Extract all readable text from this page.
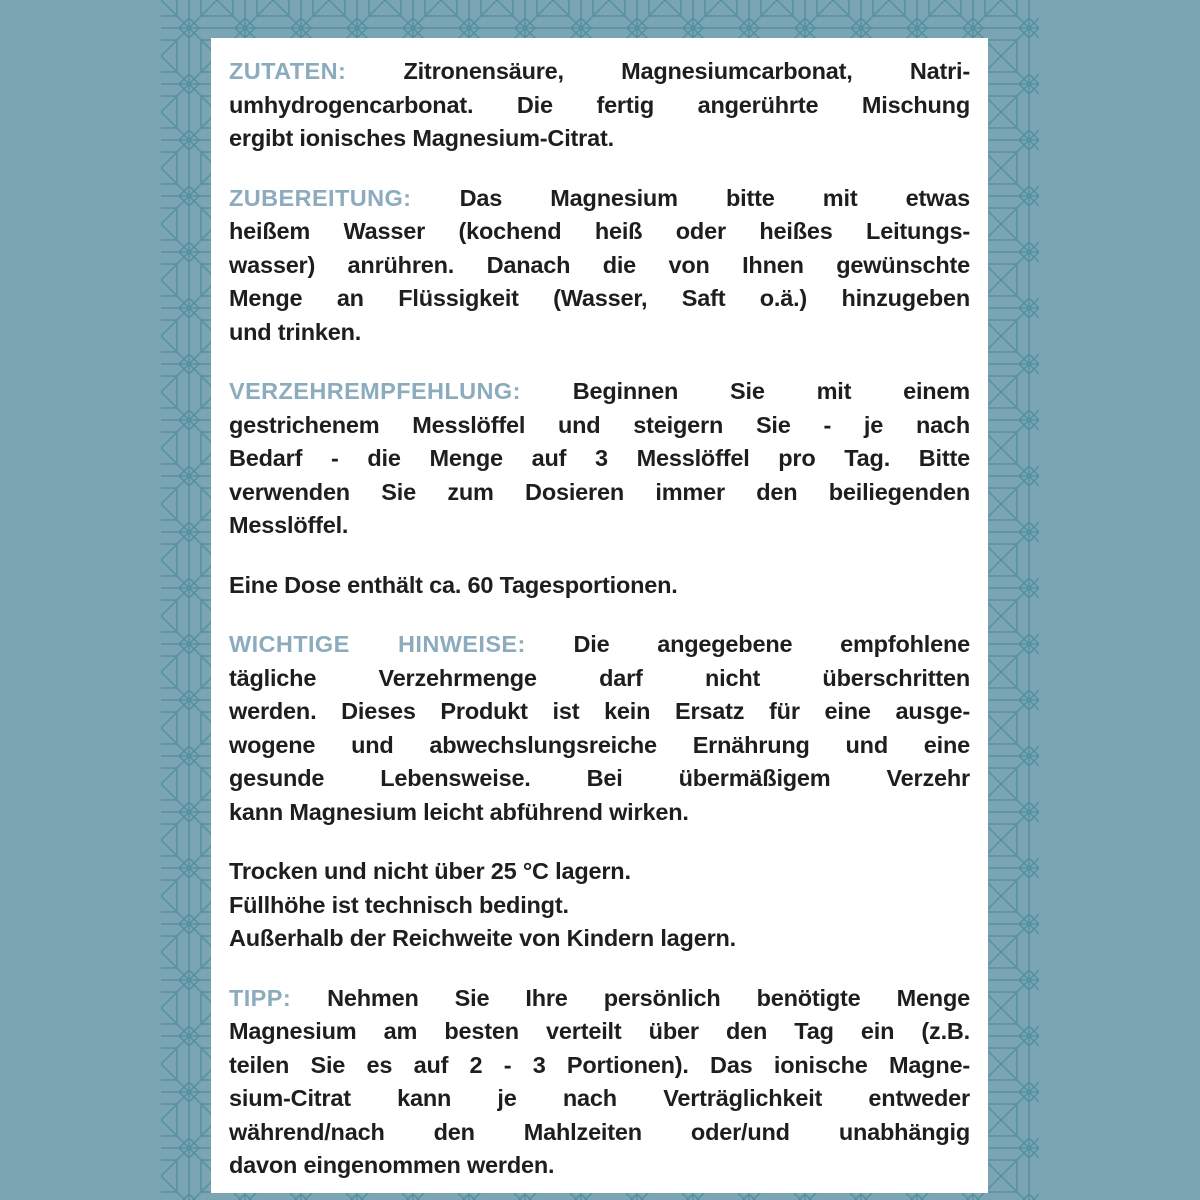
ZUTATEN: Zitronensäure, Magnesiumcarbonat, Natri-
umhydrogencarbonat. Die fertig angerührte Mischung
ergibt ionisches Magnesium-Citrat.
ZUBEREITUNG: Das Magnesium bitte mit etwas
heißem Wasser (kochend heiß oder heißes Leitungs-
wasser) anrühren. Danach die von Ihnen gewünschte
Menge an Flüssigkeit (Wasser, Saft o.ä.) hinzugeben
und trinken.
VERZEHREMPFEHLUNG: Beginnen Sie mit einem
gestrichenem Messlöffel und steigern Sie - je nach
Bedarf - die Menge auf 3 Messlöffel pro Tag. Bitte
verwenden Sie zum Dosieren immer den beiliegenden
Messlöffel.
Eine Dose enthält ca. 60 Tagesportionen.
WICHTIGE HINWEISE: Die angegebene empfohlene
tägliche Verzehrmenge darf nicht überschritten
werden. Dieses Produkt ist kein Ersatz für eine ausge-
wogene und abwechslungsreiche Ernährung und eine
gesunde Lebensweise. Bei übermäßigem Verzehr
kann Magnesium leicht abführend wirken.
Trocken und nicht über 25 °C lagern.
Füllhöhe ist technisch bedingt.
Außerhalb der Reichweite von Kindern lagern.
TIPP: Nehmen Sie Ihre persönlich benötigte Menge
Magnesium am besten verteilt über den Tag ein (z.B.
teilen Sie es auf 2 - 3 Portionen). Das ionische Magne-
sium-Citrat kann je nach Verträglichkeit entweder
während/nach den Mahlzeiten oder/und unabhängig
davon eingenommen werden.
